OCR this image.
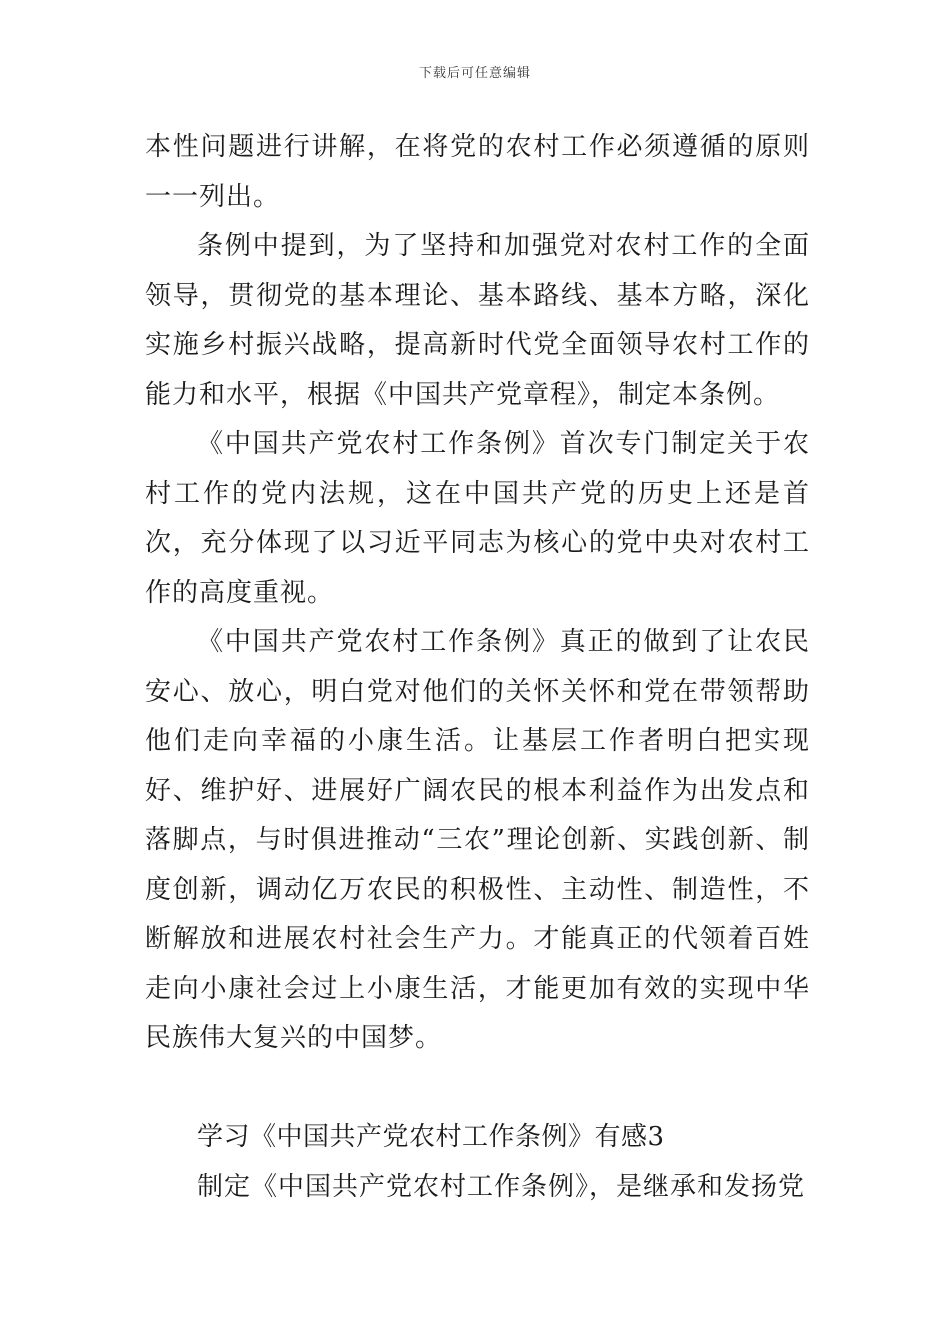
下载后可任意编辑

本性问题进行讲解，在将党的农村工作必须遵循的原则一一列出。

条例中提到，为了坚持和加强党对农村工作的全面领导，贯彻党的基本理论、基本路线、基本方略，深化实施乡村振兴战略，提高新时代党全面领导农村工作的能力和水平，根据《中国共产党章程》，制定本条例。

《中国共产党农村工作条例》首次专门制定关于农村工作的党内法规，这在中国共产党的历史上还是首次，充分体现了以习近平同志为核心的党中央对农村工作的高度重视。

《中国共产党农村工作条例》真正的做到了让农民安心、放心，明白党对他们的关怀关怀和党在带领帮助他们走向幸福的小康生活。让基层工作者明白把实现好、维护好、进展好广阔农民的根本利益作为出发点和落脚点，与时俱进推动“三农”理论创新、实践创新、制度创新，调动亿万农民的积极性、主动性、制造性，不断解放和进展农村社会生产力。才能真正的代领着百姓走向小康社会过上小康生活，才能更加有效的实现中华民族伟大复兴的中国梦。

学习《中国共产党农村工作条例》有感3

制定《中国共产党农村工作条例》，是继承和发扬党
